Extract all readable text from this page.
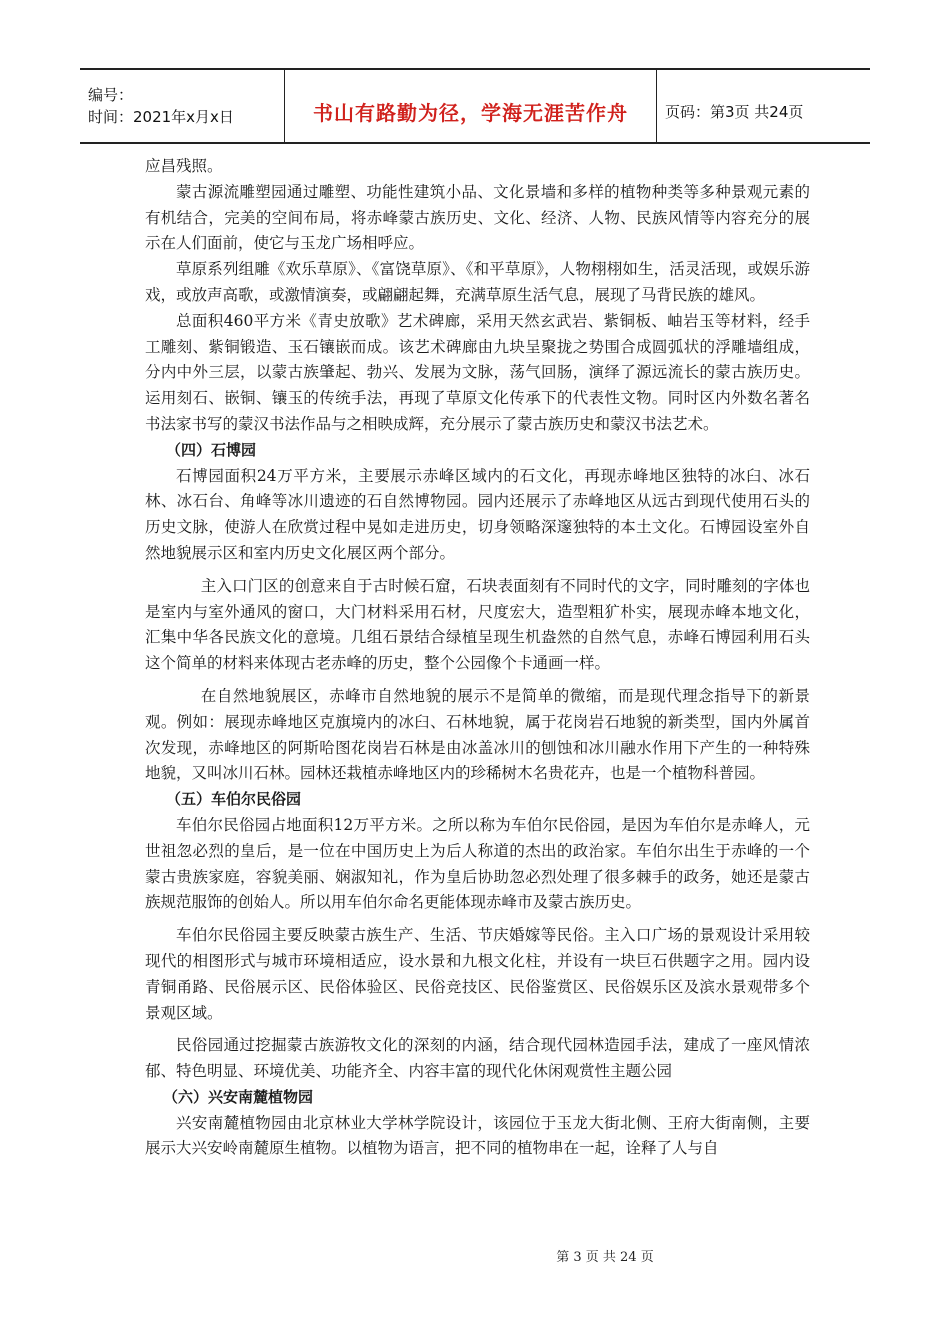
编号：
时间：2021年x月x日	书山有路勤为径，学海无涯苦作舟 页码：第3页 共24页

应昌残照。

蒙古源流雕塑园通过雕塑、功能性建筑小品、文化景墙和多样的植物种类等多种景观元素的有机结合，完美的空间布局，将赤峰蒙古族历史、文化、经济、人物、民族风情等内容充分的展示在人们面前，使它与玉龙广场相呼应。

草原系列组雕《欢乐草原》、《富饶草原》、《和平草原》，人物栩栩如生，活灵活现，或娱乐游戏，或放声高歌，或激情演奏，或翩翩起舞，充满草原生活气息，展现了马背民族的雄风。

总面积460平方米《青史放歌》艺术碑廊，采用天然玄武岩、紫铜板、岫岩玉等材料，经手工雕刻、紫铜锻造、玉石镶嵌而成。该艺术碑廊由九块呈聚拢之势围合成圆弧状的浮雕墙组成，分内中外三层，以蒙古族肇起、勃兴、发展为文脉，荡气回肠，演绎了源远流长的蒙古族历史。运用刻石、嵌铜、镶玉的传统手法，再现了草原文化传承下的代表性文物。同时区内外数名著名书法家书写的蒙汉书法作品与之相映成辉，充分展示了蒙古族历史和蒙汉书法艺术。

（四）石博园

石博园面积24万平方米，主要展示赤峰区域内的石文化，再现赤峰地区独特的冰臼、冰石林、冰石台、角峰等冰川遗迹的石自然博物园。园内还展示了赤峰地区从远古到现代使用石头的历史文脉，使游人在欣赏过程中晃如走进历史，切身领略深邃独特的本土文化。石博园设室外自然地貌展示区和室内历史文化展区两个部分。

主入口门区的创意来自于古时候石窟，石块表面刻有不同时代的文字，同时雕刻的字体也是室内与室外通风的窗口，大门材料采用石材，尺度宏大，造型粗犷朴实，展现赤峰本地文化，汇集中华各民族文化的意境。几组石景结合绿植呈现生机盎然的自然气息，赤峰石博园利用石头这个简单的材料来体现古老赤峰的历史，整个公园像个卡通画一样。

在自然地貌展区，赤峰市自然地貌的展示不是简单的微缩，而是现代理念指导下的新景观。例如：展现赤峰地区克旗境内的冰臼、石林地貌，属于花岗岩石地貌的新类型，国内外属首次发现，赤峰地区的阿斯哈图花岗岩石林是由冰盖冰川的刨蚀和冰川融水作用下产生的一种特殊地貌，又叫冰川石林。园林还栽植赤峰地区内的珍稀树木名贵花卉，也是一个植物科普园。

（五）车伯尔民俗园

车伯尔民俗园占地面积12万平方米。之所以称为车伯尔民俗园，是因为车伯尔是赤峰人，元世祖忽必烈的皇后，是一位在中国历史上为后人称道的杰出的政治家。车伯尔出生于赤峰的一个蒙古贵族家庭，容貌美丽、娴淑知礼，作为皇后协助忽必烈处理了很多棘手的政务，她还是蒙古族规范服饰的创始人。所以用车伯尔命名更能体现赤峰市及蒙古族历史。

车伯尔民俗园主要反映蒙古族生产、生活、节庆婚嫁等民俗。主入口广场的景观设计采用较现代的相图形式与城市环境相适应，设水景和九根文化柱，并设有一块巨石供题字之用。园内设青铜甬路、民俗展示区、民俗体验区、民俗竞技区、民俗鉴赏区、民俗娱乐区及滨水景观带多个景观区域。

民俗园通过挖掘蒙古族游牧文化的深刻的内涵，结合现代园林造园手法，建成了一座风情浓郁、特色明显、环境优美、功能齐全、内容丰富的现代化休闲观赏性主题公园

（六）兴安南麓植物园

兴安南麓植物园由北京林业大学林学院设计，该园位于玉龙大街北侧、王府大街南侧，主要展示大兴安岭南麓原生植物。以植物为语言，把不同的植物串在一起，诠释了人与自

第 3 页 共 24 页
